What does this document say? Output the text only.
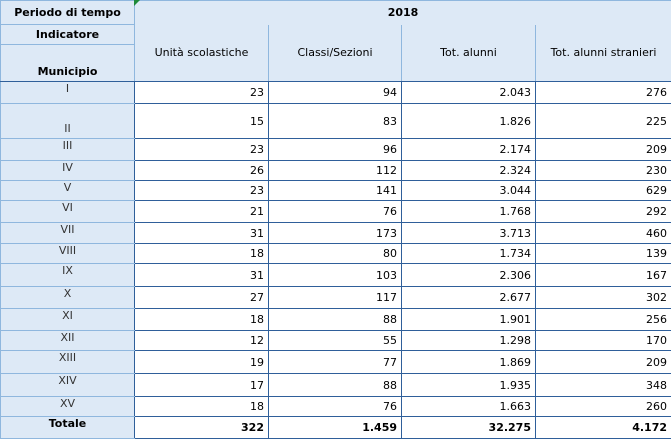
Periodo di tempo	2018			
Indicatore	Unità scolastiche	Classi/Sezioni	Tot. alunni	Tot. alunni stranieri
Municipio				
I	23	94	2.043	276
II	15	83	1.826	225
III	23	96	2.174	209
IV	26	112	2.324	230
V	23	141	3.044	629
VI	21	76	1.768	292
VII	31	173	3.713	460
VIII	18	80	1.734	139
IX	31	103	2.306	167
X	27	117	2.677	302
XI	18	88	1.901	256
XII	12	55	1.298	170
XIII	19	77	1.869	209
XIV	17	88	1.935	348
XV	18	76	1.663	260
Totale	322	1.459	32.275	4.172
